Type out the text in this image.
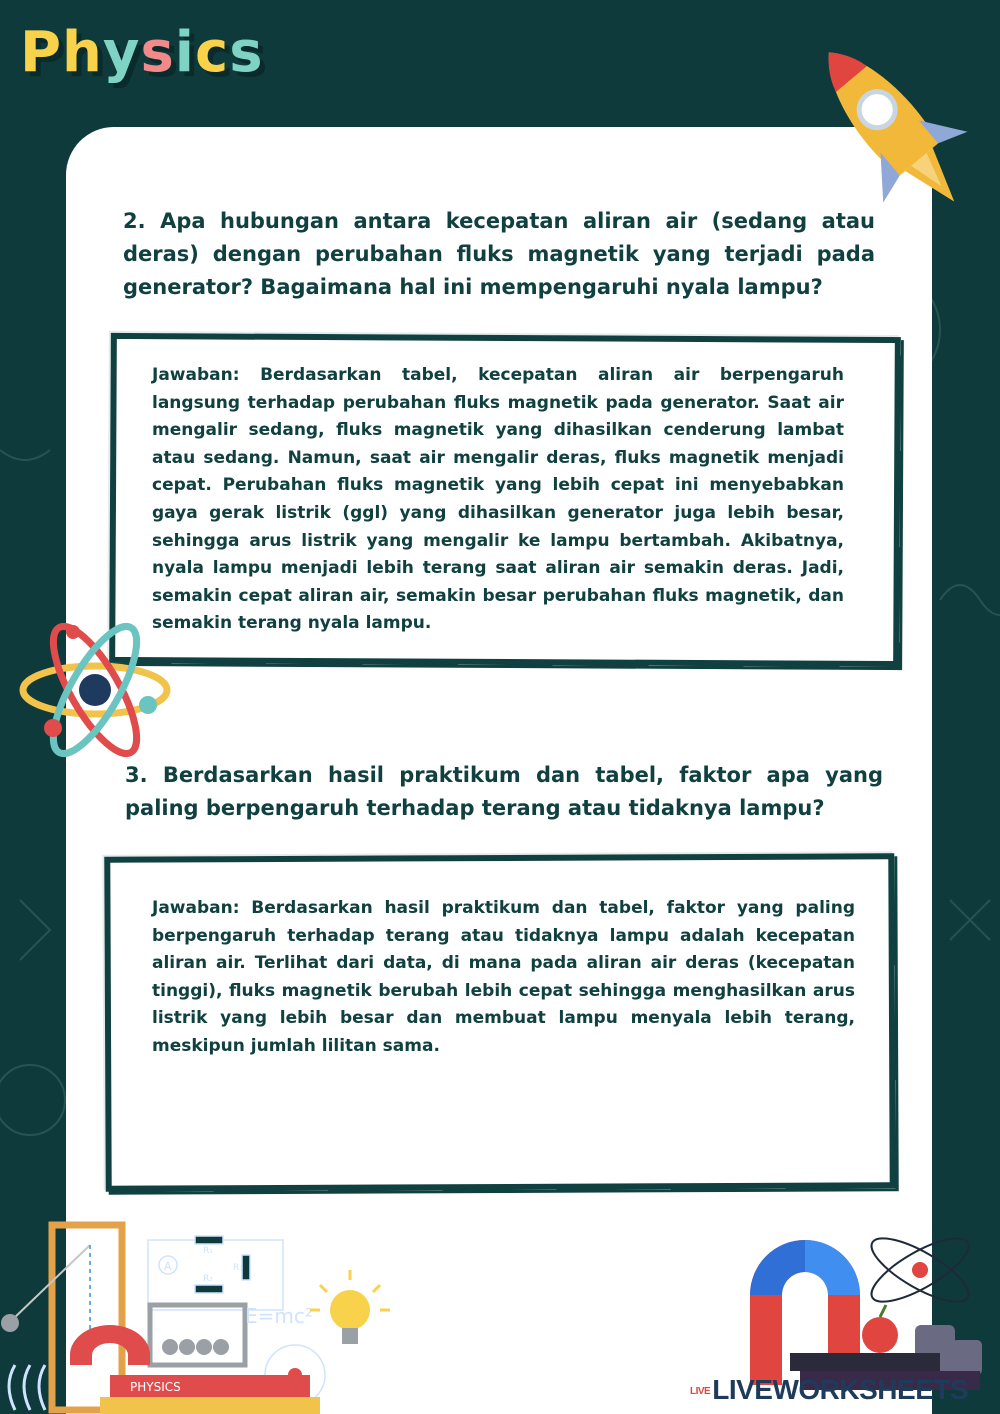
Physics

2. Apa hubungan antara kecepatan aliran air (sedang atau deras) dengan perubahan fluks magnetik yang terjadi pada generator? Bagaimana hal ini mempengaruhi nyala lampu?

Jawaban: Berdasarkan tabel, kecepatan aliran air berpengaruh langsung terhadap perubahan fluks magnetik pada generator. Saat air mengalir sedang, fluks magnetik yang dihasilkan cenderung lambat atau sedang. Namun, saat air mengalir deras, fluks magnetik menjadi cepat. Perubahan fluks magnetik yang lebih cepat ini menyebabkan gaya gerak listrik (ggl) yang dihasilkan generator juga lebih besar, sehingga arus listrik yang mengalir ke lampu bertambah. Akibatnya, nyala lampu menjadi lebih terang saat aliran air semakin deras. Jadi, semakin cepat aliran air, semakin besar perubahan fluks magnetik, dan semakin terang nyala lampu.

3. Berdasarkan hasil praktikum dan tabel, faktor apa yang paling berpengaruh terhadap terang atau tidaknya lampu?

Jawaban: Berdasarkan hasil praktikum dan tabel, faktor yang paling berpengaruh terhadap terang atau tidaknya lampu adalah kecepatan aliran air. Terlihat dari data, di mana pada aliran air deras (kecepatan tinggi), fluks magnetik berubah lebih cepat sehingga menghasilkan arus listrik yang lebih besar dan membuat lampu menyala lebih terang, meskipun jumlah lilitan sama.

A
R₁
R₂
R₃
E=mc²
PHYSICS	LIVELIVEWORKSHEETS
